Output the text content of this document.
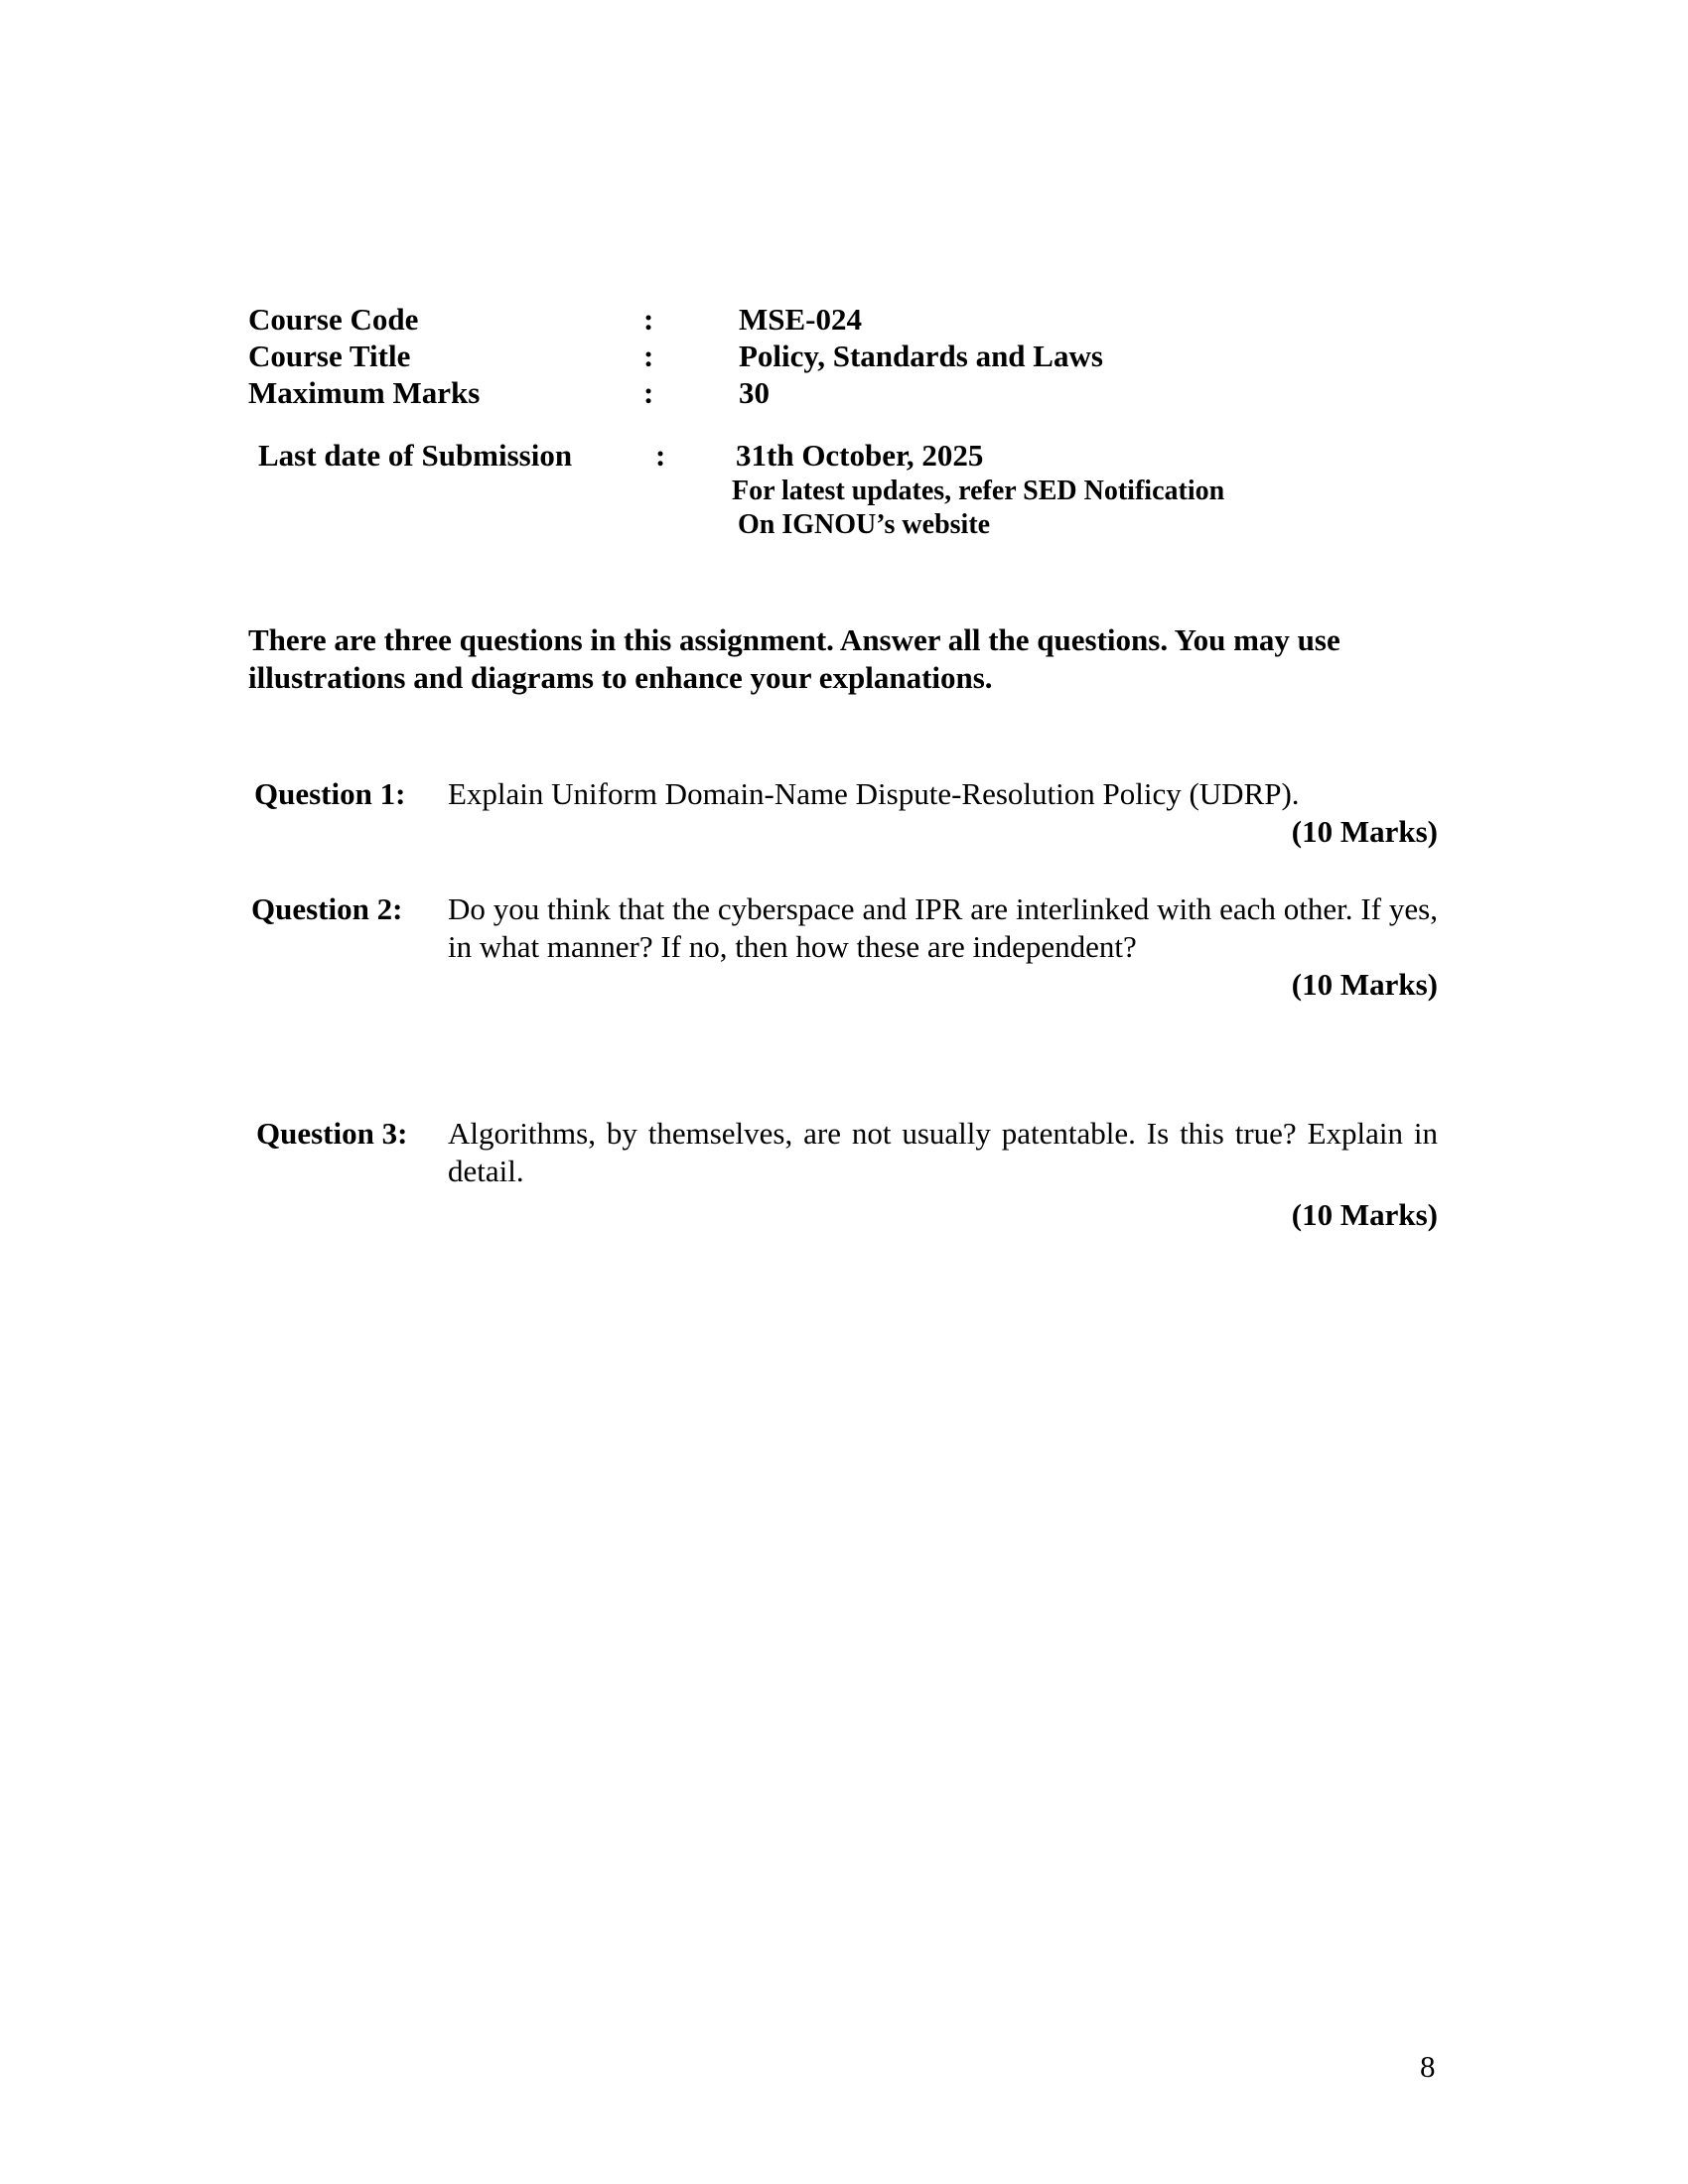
Course Code	:	MSE-024
Course Title	:	Policy, Standards and Laws
Maximum Marks	:	30
Last date of Submission	: 31th October, 2025
For latest updates, refer SED Notification
On IGNOU’s website
There are three questions in this assignment. Answer all the questions. You may use illustrations and diagrams to enhance your explanations.
Question 1: Explain Uniform Domain-Name Dispute-Resolution Policy (UDRP).
(10 Marks)
Question 2: Do you think that the cyberspace and IPR are interlinked with each other. If yes, in what manner? If no, then how these are independent?
(10 Marks)
Question 3: Algorithms, by themselves, are not usually patentable. Is this true? Explain in detail.
(10 Marks)
8
